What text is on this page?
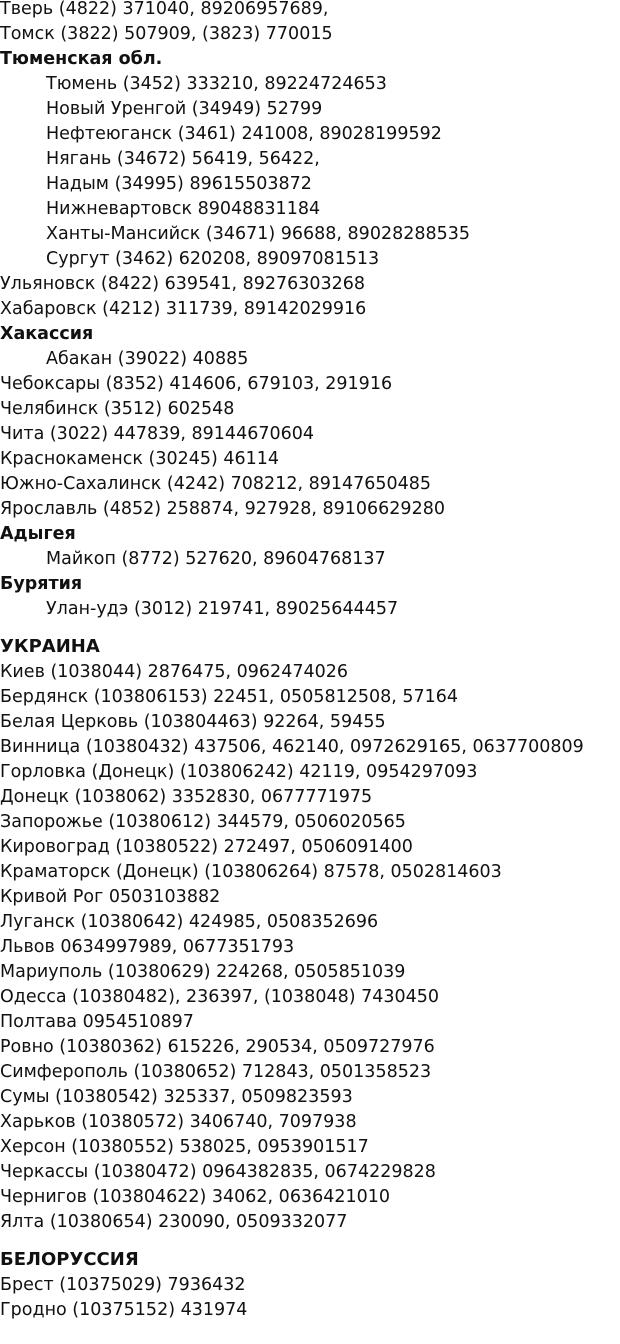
Тверь (4822) 371040, 89206957689,
Томск (3822) 507909, (3823) 770015
Тюменская обл.
Тюмень (3452) 333210, 89224724653
Новый Уренгой (34949) 52799
Нефтеюганск (3461) 241008, 89028199592
Нягань (34672) 56419, 56422,
Надым (34995) 89615503872
Нижневартовск 89048831184
Ханты-Мансийск (34671) 96688, 89028288535
Сургут (3462) 620208, 89097081513
Ульяновск (8422) 639541, 89276303268
Хабаровск (4212) 311739, 89142029916
Хакассия
Абакан (39022) 40885
Чебоксары (8352) 414606, 679103, 291916
Челябинск (3512) 602548
Чита (3022) 447839, 89144670604
Краснокаменск (30245) 46114
Южно-Сахалинск (4242) 708212, 89147650485
Ярославль (4852) 258874, 927928, 89106629280
Адыгея
Майкоп (8772) 527620, 89604768137
Бурятия
Улан-удэ (3012) 219741, 89025644457
УКРАИНА
Киев (1038044) 2876475, 0962474026
Бердянск (103806153) 22451, 0505812508, 57164
Белая Церковь (103804463) 92264, 59455
Винница (10380432) 437506, 462140, 0972629165, 0637700809
Горловка (Донецк) (103806242) 42119, 0954297093
Донецк (1038062) 3352830, 0677771975
Запорожье (10380612) 344579, 0506020565
Кировоград (10380522) 272497, 0506091400
Краматорск (Донецк) (103806264) 87578, 0502814603
Кривой Рог 0503103882
Луганск (10380642) 424985, 0508352696
Львов 0634997989, 0677351793
Мариуполь (10380629) 224268, 0505851039
Одесса (10380482), 236397, (1038048) 7430450
Полтава 0954510897
Ровно (10380362) 615226, 290534, 0509727976
Симферополь (10380652) 712843, 0501358523
Сумы (10380542) 325337, 0509823593
Харьков (10380572) 3406740, 7097938
Херсон (10380552) 538025, 0953901517
Черкассы (10380472) 0964382835, 0674229828
Чернигов (103804622) 34062, 0636421010
Ялта (10380654) 230090, 0509332077
БЕЛОРУССИЯ
Брест (10375029) 7936432
Гродно (10375152) 431974
